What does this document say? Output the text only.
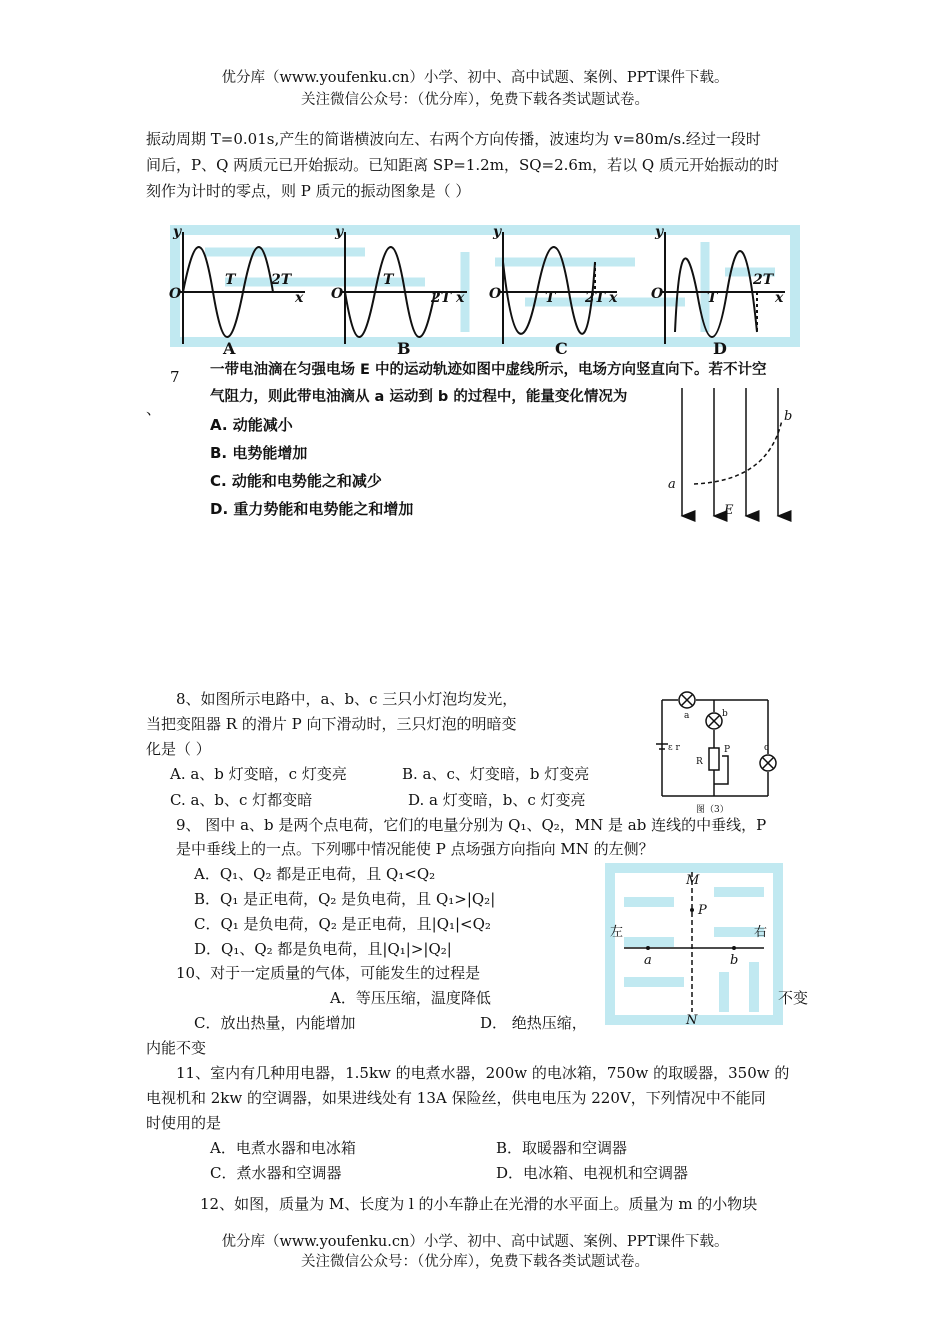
优分库（www.youfenku.cn）小学、初中、高中试题、案例、PPT课件下载。
关注微信公众号：（优分库），免费下载各类试题试卷。
振动周期 T=0.01s,产生的简谐横波向左、右两个方向传播，波速均为 v=80m/s.经过一段时
间后，P、Q 两质元已开始振动。已知距离 SP=1.2m，SQ=2.6m，若以 Q 质元开始振动的时
刻作为计时的零点，则 P 质元的振动图象是（ ）
y
O
T	2T
x
y
O
T
2T x
y
O	T 2T x
y
O	T
2T
x
A	B	C	D
7
、
一带电油滴在匀强电场 E 中的运动轨迹如图中虚线所示，电场方向竖直向下。若不计空
气阻力，则此带电油滴从 a 运动到 b 的过程中，能量变化情况为
A. 动能减小
B. 电势能增加
C. 动能和电势能之和减少
D. 重力势能和电势能之和增加
a
b
E
8、如图所示电路中，a、b、c 三只小灯泡均发光，
当把变阻器 R 的滑片 P 向下滑动时，三只灯泡的明暗变
化是（ ）
A. a、b 灯变暗，c 灯变亮	B. a、c、灯变暗，b 灯变亮
C. a、b、c 灯都变暗	D. a 灯变暗，b、c 灯变亮
a	b
c
ε r
R
P
图（3）
9、 图中 a、b 是两个点电荷，它们的电量分别为 Q₁、Q₂，MN 是 ab 连线的中垂线，P
是中垂线上的一点。下列哪中情况能使 P 点场强方向指向 MN 的左侧？
A．Q₁、Q₂ 都是正电荷，且 Q₁<Q₂
B．Q₁ 是正电荷，Q₂ 是负电荷，且 Q₁>|Q₂|
C．Q₁ 是负电荷，Q₂ 是正电荷，且|Q₁|<Q₂
D．Q₁、Q₂ 都是负电荷，且|Q₁|>|Q₂|
M
P
N
a	b
左	右
10、对于一定质量的气体，可能发生的过程是
A．等压压缩，温度降低	不变
C．放出热量，内能增加	D． 绝热压缩，
内能不变
11、室内有几种用电器，1.5kw 的电煮水器，200w 的电冰箱，750w 的取暖器，350w 的
电视机和 2kw 的空调器，如果进线处有 13A 保险丝，供电电压为 220V，下列情况中不能同
时使用的是
A．电煮水器和电冰箱	B．取暖器和空调器
C．煮水器和空调器	D．电冰箱、电视机和空调器
12、如图，质量为 M、长度为 l 的小车静止在光滑的水平面上。质量为 m 的小物块
优分库（www.youfenku.cn）小学、初中、高中试题、案例、PPT课件下载。
关注微信公众号：（优分库），免费下载各类试题试卷。
